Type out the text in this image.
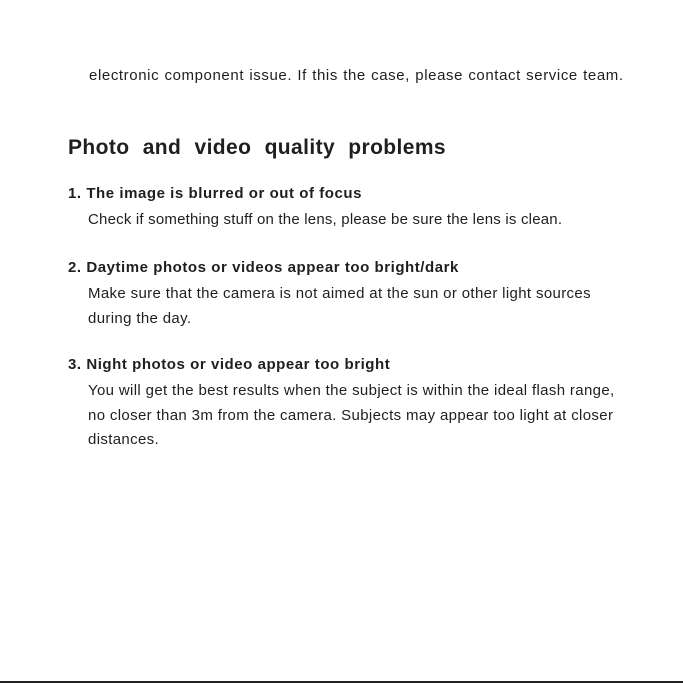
electronic component issue. If this the case, please contact service team.

Photo and video quality problems

1. The image is blurred or out of focus

Check if something stuff on the lens, please be sure the lens is clean.

2. Daytime photos or videos appear too bright/dark

Make sure that the camera is not aimed at the sun or other light sources during the day.

3. Night photos or video appear too bright

You will get the best results when the subject is within the ideal flash range, no closer than 3m from the camera. Subjects may appear too light at closer distances.
